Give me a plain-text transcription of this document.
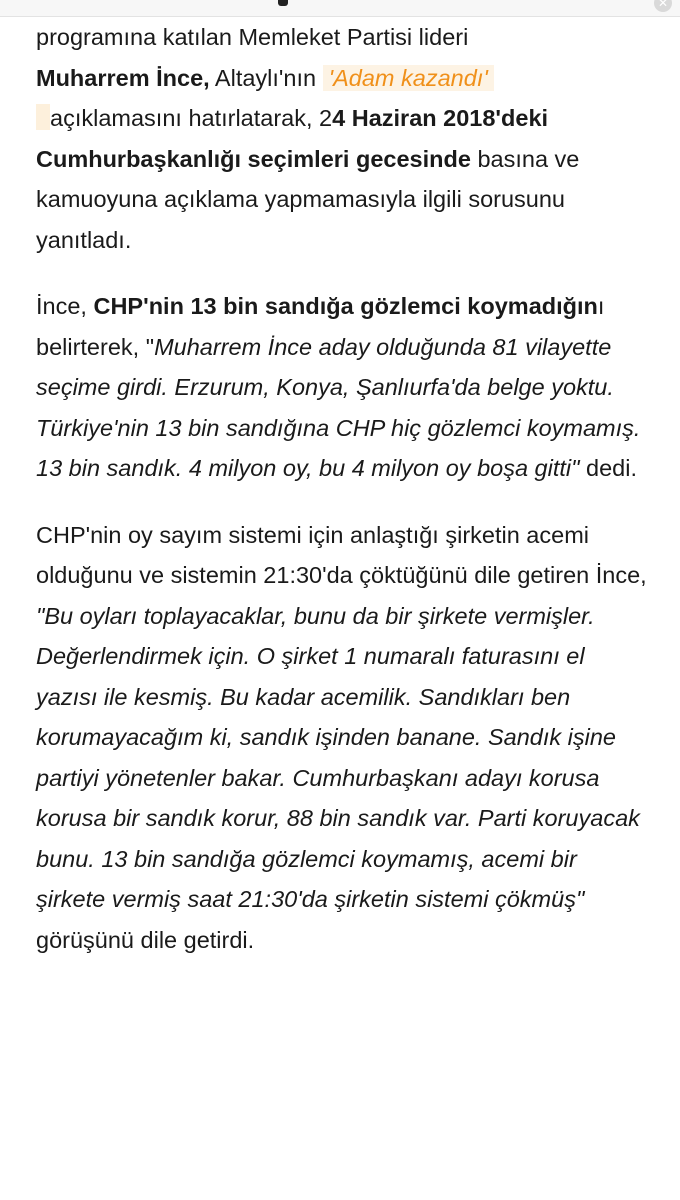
✕

programına katılan Memleket Partisi lideri
Muharrem İnce, Altaylı'nın 'Adam kazandı'
açıklamasını hatırlatarak, 24 Haziran 2018'deki Cumhurbaşkanlığı seçimleri gecesinde basına ve kamuoyuna açıklama yapmamasıyla ilgili sorusunu yanıtladı.

İnce, CHP'nin 13 bin sandığa gözlemci koymadığını belirterek, "Muharrem İnce aday olduğunda 81 vilayette seçime girdi. Erzurum, Konya, Şanlıurfa'da belge yoktu. Türkiye'nin 13 bin sandığına CHP hiç gözlemci koymamış. 13 bin sandık. 4 milyon oy, bu 4 milyon oy boşa gitti" dedi.

CHP'nin oy sayım sistemi için anlaştığı şirketin acemi olduğunu ve sistemin 21:30'da çöktüğünü dile getiren İnce, "Bu oyları toplayacaklar, bunu da bir şirkete vermişler. Değerlendirmek için. O şirket 1 numaralı faturasını el yazısı ile kesmiş. Bu kadar acemilik. Sandıkları ben korumayacağım ki, sandık işinden banane. Sandık işine partiyi yönetenler bakar. Cumhurbaşkanı adayı korusa korusa bir sandık korur, 88 bin sandık var. Parti koruyacak bunu. 13 bin sandığa gözlemci koymamış, acemi bir şirkete vermiş saat 21:30'da şirketin sistemi çökmüş" görüşünü dile getirdi.
